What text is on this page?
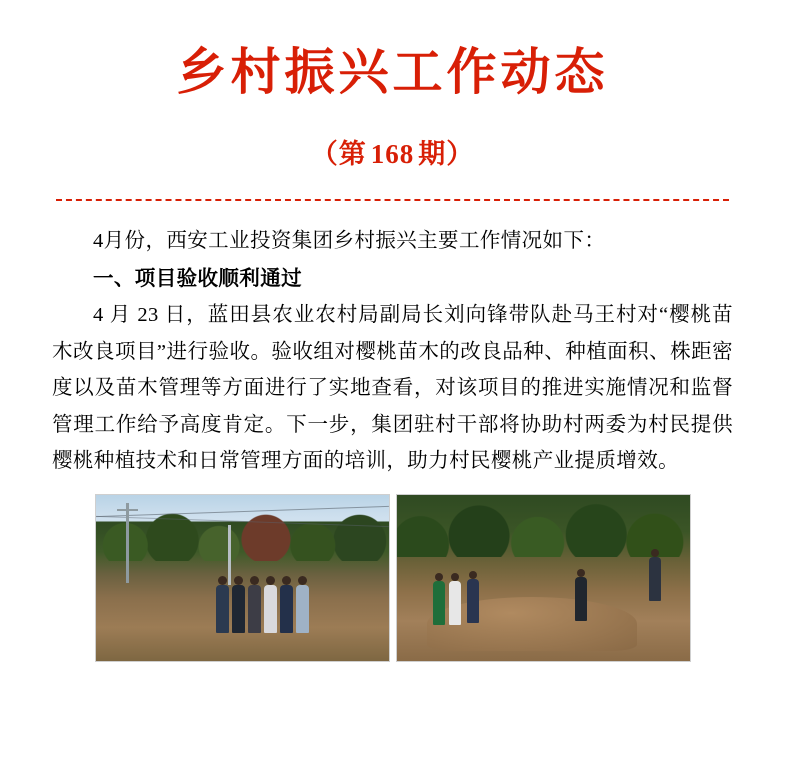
乡村振兴工作动态
（第 168 期）

4月份，西安工业投资集团乡村振兴主要工作情况如下：

一、项目验收顺利通过

4 月 23 日，蓝田县农业农村局副局长刘向锋带队赴马王村对“樱桃苗木改良项目”进行验收。验收组对樱桃苗木的改良品种、种植面积、株距密度以及苗木管理等方面进行了实地查看，对该项目的推进实施情况和监督管理工作给予高度肯定。下一步，集团驻村干部将协助村两委为村民提供樱桃种植技术和日常管理方面的培训，助力村民樱桃产业提质增效。
